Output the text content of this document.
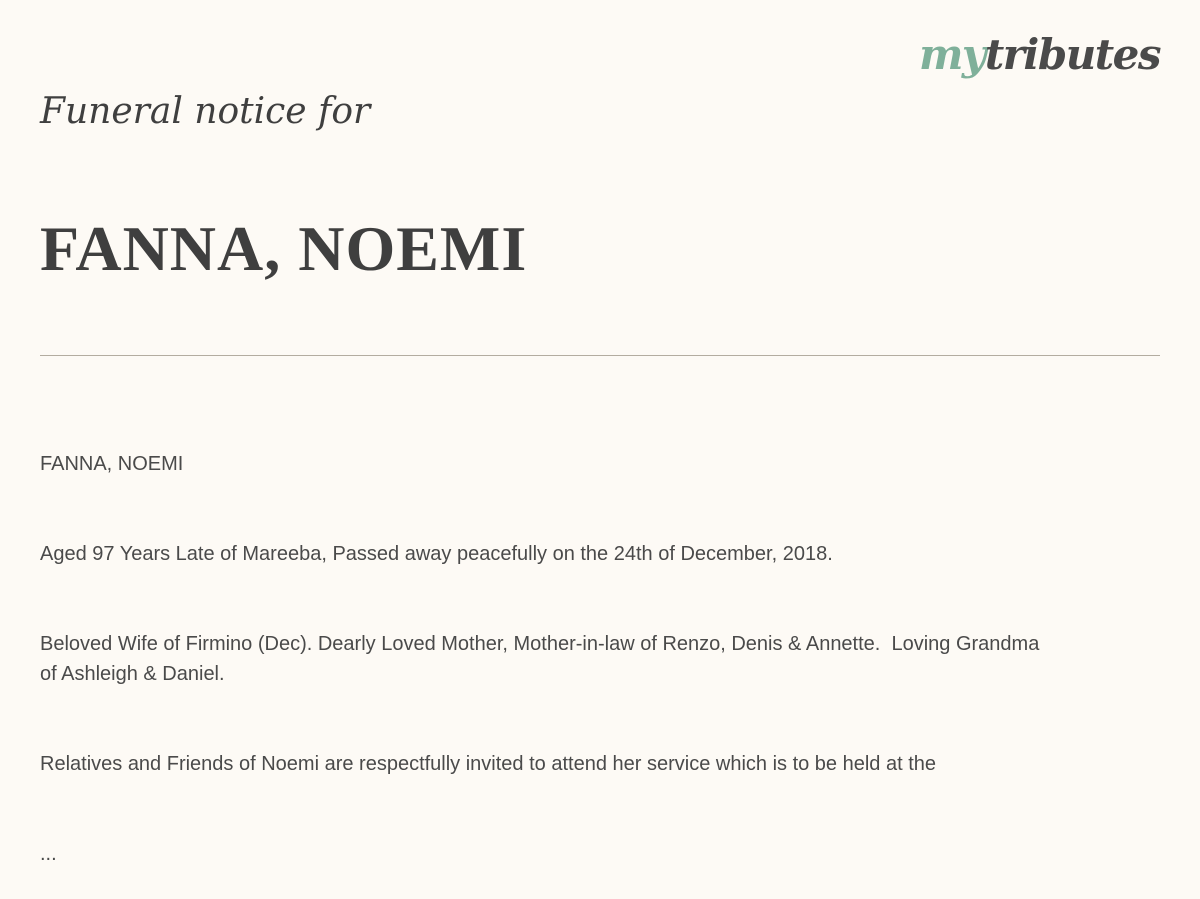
mytributes
Funeral notice for
FANNA, NOEMI

FANNA, NOEMI

Aged 97 Years Late of Mareeba, Passed away peacefully on the 24th of December, 2018.

Beloved Wife of Firmino (Dec). Dearly Loved Mother, Mother-in-law of Renzo, Denis & Annette.  Loving Grandma of Ashleigh & Daniel.

Relatives and Friends of Noemi are respectfully invited to attend her service which is to be held at the

...
